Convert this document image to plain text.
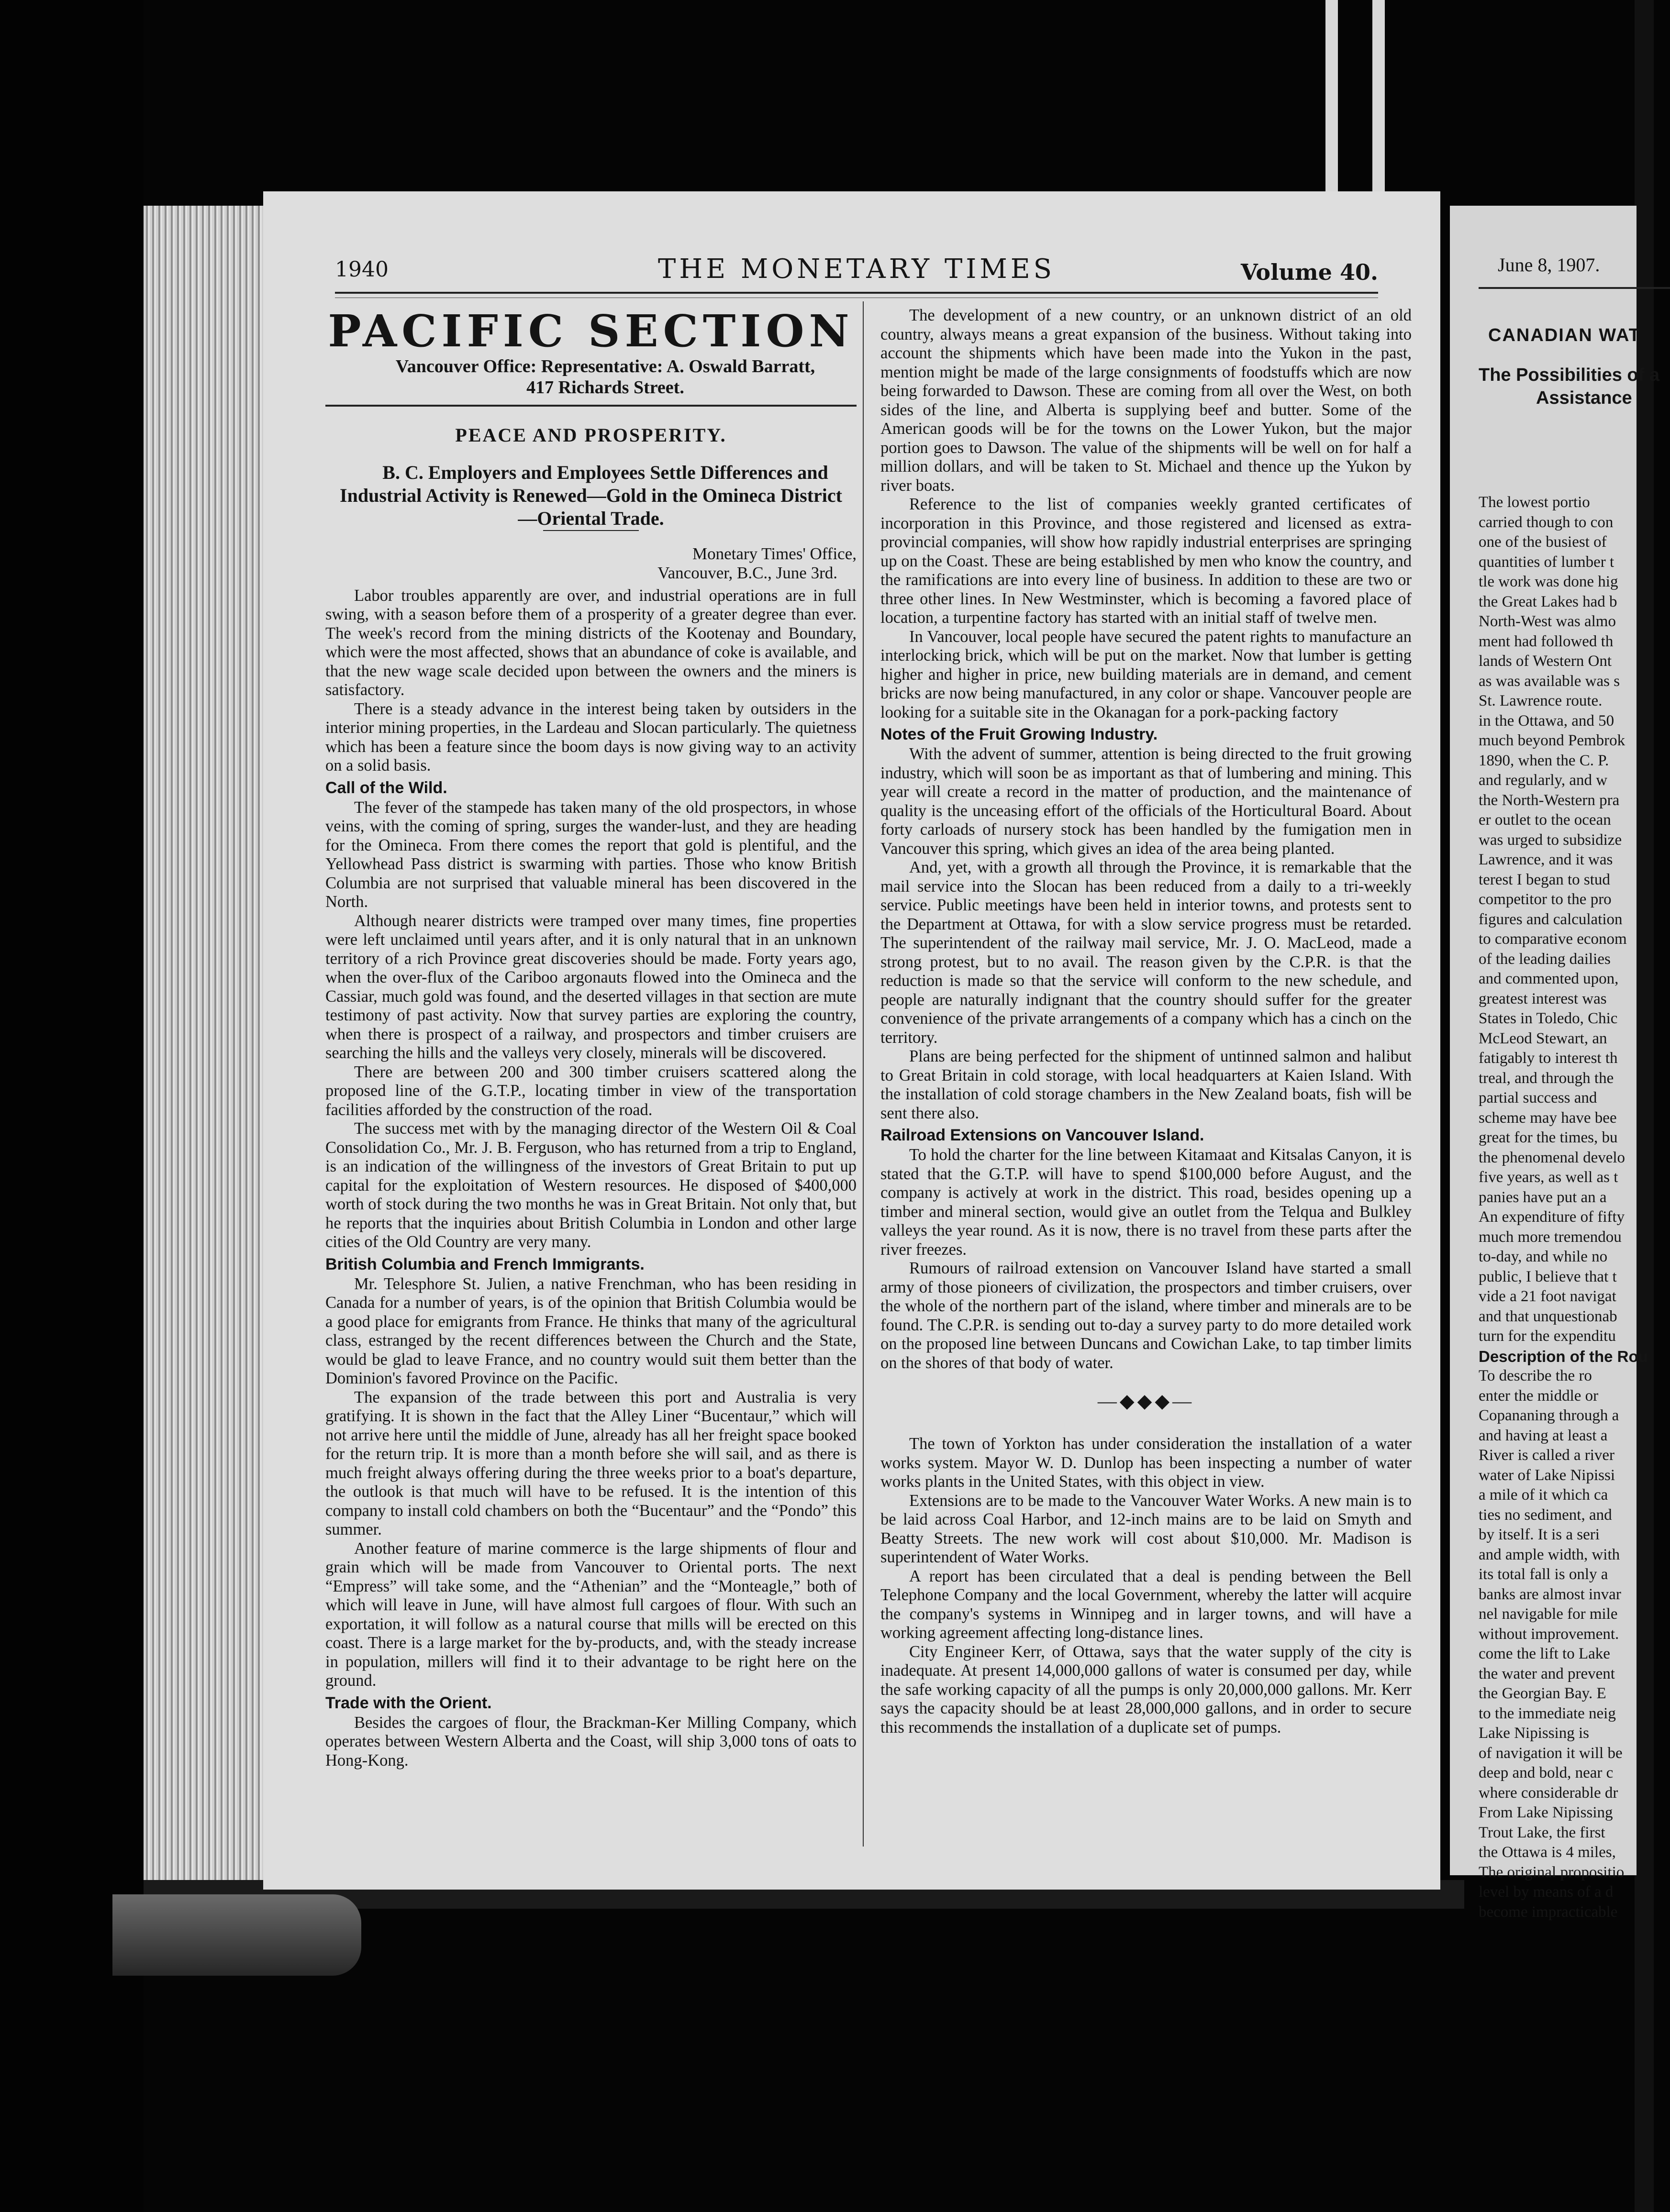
1940	THE MONETARY TIMES	Volume 40.
PACIFIC SECTION

Vancouver Office: Representative: A. Oswald Barratt,

417 Richards Street.

PEACE AND PROSPERITY.

B. C. Employers and Employees Settle Differences and Industrial Activity is Renewed—Gold in the Omineca District—Oriental Trade.

Monetary Times' Office,

Vancouver, B.C., June 3rd.

Labor troubles apparently are over, and industrial operations are in full swing, with a season before them of a prosperity of a greater degree than ever. The week's record from the mining districts of the Kootenay and Boundary, which were the most affected, shows that an abundance of coke is available, and that the new wage scale decided upon between the owners and the miners is satisfactory.

There is a steady advance in the interest being taken by outsiders in the interior mining properties, in the Lardeau and Slocan particularly. The quietness which has been a feature since the boom days is now giving way to an activity on a solid basis.

Call of the Wild.

The fever of the stampede has taken many of the old prospectors, in whose veins, with the coming of spring, surges the wander-lust, and they are heading for the Omineca. From there comes the report that gold is plentiful, and the Yellowhead Pass district is swarming with parties. Those who know British Columbia are not surprised that valuable mineral has been discovered in the North.

Although nearer districts were tramped over many times, fine properties were left unclaimed until years after, and it is only natural that in an unknown territory of a rich Province great discoveries should be made. Forty years ago, when the over-flux of the Cariboo argonauts flowed into the Omineca and the Cassiar, much gold was found, and the deserted villages in that section are mute testimony of past activity. Now that survey parties are exploring the country, when there is prospect of a railway, and prospectors and timber cruisers are searching the hills and the valleys very closely, minerals will be discovered.

There are between 200 and 300 timber cruisers scattered along the proposed line of the G.T.P., locating timber in view of the transportation facilities afforded by the construction of the road.

The success met with by the managing director of the Western Oil & Coal Consolidation Co., Mr. J. B. Ferguson, who has returned from a trip to England, is an indication of the willingness of the investors of Great Britain to put up capital for the exploitation of Western resources. He disposed of $400,000 worth of stock during the two months he was in Great Britain. Not only that, but he reports that the inquiries about British Columbia in London and other large cities of the Old Country are very many.

British Columbia and French Immigrants.

Mr. Telesphore St. Julien, a native Frenchman, who has been residing in Canada for a number of years, is of the opinion that British Columbia would be a good place for emigrants from France. He thinks that many of the agricultural class, estranged by the recent differences between the Church and the State, would be glad to leave France, and no country would suit them better than the Dominion's favored Province on the Pacific.

The expansion of the trade between this port and Australia is very gratifying. It is shown in the fact that the Alley Liner “Bucentaur,” which will not arrive here until the middle of June, already has all her freight space booked for the return trip. It is more than a month before she will sail, and as there is much freight always offering during the three weeks prior to a boat's departure, the outlook is that much will have to be refused. It is the intention of this company to install cold chambers on both the “Bucentaur” and the “Pondo” this summer.

Another feature of marine commerce is the large shipments of flour and grain which will be made from Vancouver to Oriental ports. The next “Empress” will take some, and the “Athenian” and the “Monteagle,” both of which will leave in June, will have almost full cargoes of flour. With such an exportation, it will follow as a natural course that mills will be erected on this coast. There is a large market for the by-products, and, with the steady increase in population, millers will find it to their advantage to be right here on the ground.

Trade with the Orient.

Besides the cargoes of flour, the Brackman-Ker Milling Company, which operates between Western Alberta and the Coast, will ship 3,000 tons of oats to Hong-Kong.

The development of a new country, or an unknown district of an old country, always means a great expansion of the business. Without taking into account the shipments which have been made into the Yukon in the past, mention might be made of the large consignments of foodstuffs which are now being forwarded to Dawson. These are coming from all over the West, on both sides of the line, and Alberta is supplying beef and butter. Some of the American goods will be for the towns on the Lower Yukon, but the major portion goes to Dawson. The value of the shipments will be well on for half a million dollars, and will be taken to St. Michael and thence up the Yukon by river boats.

Reference to the list of companies weekly granted certificates of incorporation in this Province, and those registered and licensed as extra-provincial companies, will show how rapidly industrial enterprises are springing up on the Coast. These are being established by men who know the country, and the ramifications are into every line of business. In addition to these are two or three other lines. In New Westminster, which is becoming a favored place of location, a turpentine factory has started with an initial staff of twelve men.

In Vancouver, local people have secured the patent rights to manufacture an interlocking brick, which will be put on the market. Now that lumber is getting higher and higher in price, new building materials are in demand, and cement bricks are now being manufactured, in any color or shape. Vancouver people are looking for a suitable site in the Okanagan for a pork-packing factory

Notes of the Fruit Growing Industry.

With the advent of summer, attention is being directed to the fruit growing industry, which will soon be as important as that of lumbering and mining. This year will create a record in the matter of production, and the maintenance of quality is the unceasing effort of the officials of the Horticultural Board. About forty carloads of nursery stock has been handled by the fumigation men in Vancouver this spring, which gives an idea of the area being planted.

And, yet, with a growth all through the Province, it is remarkable that the mail service into the Slocan has been reduced from a daily to a tri-weekly service. Public meetings have been held in interior towns, and protests sent to the Department at Ottawa, for with a slow service progress must be retarded. The superintendent of the railway mail service, Mr. J. O. MacLeod, made a strong protest, but to no avail. The reason given by the C.P.R. is that the reduction is made so that the service will conform to the new schedule, and people are naturally indignant that the country should suffer for the greater convenience of the private arrangements of a company which has a cinch on the territory.

Plans are being perfected for the shipment of untinned salmon and halibut to Great Britain in cold storage, with local headquarters at Kaien Island. With the installation of cold storage chambers in the New Zealand boats, fish will be sent there also.

Railroad Extensions on Vancouver Island.

To hold the charter for the line between Kitamaat and Kitsalas Canyon, it is stated that the G.T.P. will have to spend $100,000 before August, and the company is actively at work in the district. This road, besides opening up a timber and mineral section, would give an outlet from the Telqua and Bulkley valleys the year round. As it is now, there is no travel from these parts after the river freezes.

Rumours of railroad extension on Vancouver Island have started a small army of those pioneers of civilization, the prospectors and timber cruisers, over the whole of the northern part of the island, where timber and minerals are to be found. The C.P.R. is sending out to-day a survey party to do more detailed work on the proposed line between Duncans and Cowichan Lake, to tap timber limits on the shores of that body of water.

—◆◆◆—

The town of Yorkton has under consideration the installation of a water works system. Mayor W. D. Dunlop has been inspecting a number of water works plants in the United States, with this object in view.

Extensions are to be made to the Vancouver Water Works. A new main is to be laid across Coal Harbor, and 12-inch mains are to be laid on Smyth and Beatty Streets. The new work will cost about $10,000. Mr. Madison is superintendent of Water Works.

A report has been circulated that a deal is pending between the Bell Telephone Company and the local Government, whereby the latter will acquire the company's systems in Winnipeg and in larger towns, and will have a working agreement affecting long-distance lines.

City Engineer Kerr, of Ottawa, says that the water supply of the city is inadequate. At present 14,000,000 gallons of water is consumed per day, while the safe working capacity of all the pumps is only 20,000,000 gallons. Mr. Kerr says the capacity should be at least 28,000,000 gallons, and in order to secure this recommends the installation of a duplicate set of pumps.

June 8, 1907.
CANADIAN WAT
The Possibilities of a
Assistance
The lowest portio
carried though to con
one of the busiest of
quantities of lumber t
tle work was done hig
the Great Lakes had b
North-West was almo
ment had followed th
lands of Western Ont
as was available was s
St. Lawrence route.
in the Ottawa, and 50
much beyond Pembrok
1890, when the C. P.
and regularly, and w
the North-Western pra
er outlet to the ocean
was urged to subsidize
Lawrence, and it was
terest I began to stud
competitor to the pro
figures and calculation
to comparative econom
of the leading dailies
and commented upon,
greatest interest was
States in Toledo, Chic
McLeod Stewart, an
fatigably to interest th
treal, and through the
partial success and
scheme may have bee
great for the times, bu
the phenomenal develo
five years, as well as t
panies have put an a
An expenditure of fifty
much more tremendou
to-day, and while no
public, I believe that t
vide a 21 foot navigat
and that unquestionab
turn for the expenditu
Description of the Rou
To describe the ro
enter the middle or
Copananing through a
and having at least a
River is called a river
water of Lake Nipissi
a mile of it which ca
ties no sediment, and
by itself. It is a seri
and ample width, with
its total fall is only a
banks are almost invar
nel navigable for mile
without improvement.
come the lift to Lake
the water and prevent
the Georgian Bay. E
to the immediate neig
Lake Nipissing is
of navigation it will be
deep and bold, near c
where considerable dr
From Lake Nipissing
Trout Lake, the first
the Ottawa is 4 miles,
The original propositio
level by means of a d
become impracticable
